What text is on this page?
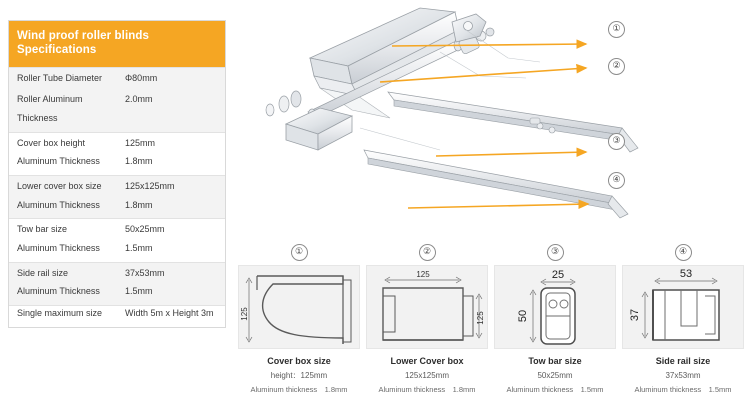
Wind proof roller blinds Specifications
Roller Tube Diameter	Φ80mm
Roller Aluminum	2.0mm
Thickness
Cover box height	125mm
Aluminum Thickness	1.8mm
Lower cover box size	125x125mm
Aluminum Thickness	1.8mm
Tow bar size	50x25mm
Aluminum Thickness	1.5mm
Side rail size	37x53mm
Aluminum Thickness	1.5mm
Single maximum size	Width 5m x Height 3m
①
②
③
④
①
125
Cover box size
height：125mm
Aluminum thickness　1.8mm
②
125
125
Lower Cover box
125x125mm
Aluminum thickness　1.8mm
③
25
50
Tow bar size
50x25mm
Aluminum thickness　1.5mm
④
53
37
Side rail size
37x53mm
Aluminum thickness　1.5mm
